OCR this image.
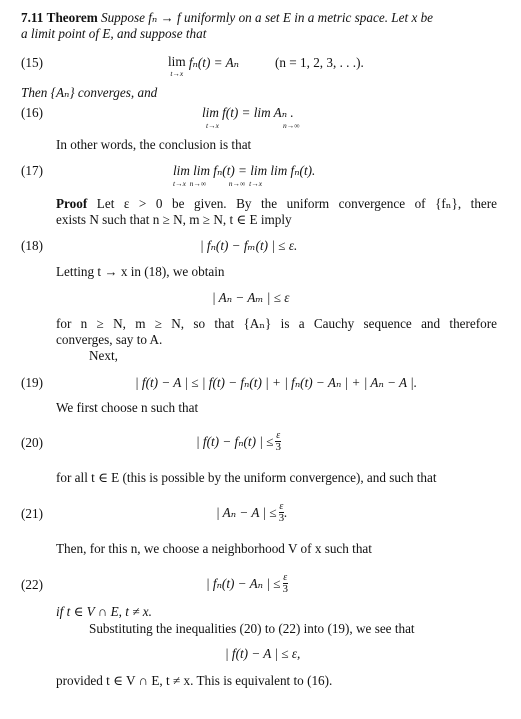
7.11 Theorem Suppose fₙ → f uniformly on a set E in a metric space. Let x be
a limit point of E, and suppose that
(15)	lim
t→x
fₙ(t) = Aₙ	(n = 1, 2, 3, . . .).
Then {Aₙ} converges, and
(16)	lim f(t) = lim Aₙ .
t→x	n→∞
In other words, the conclusion is that
(17)	lim lim fₙ(t) = lim lim fₙ(t).
t→x  n→∞            n→∞  t→x
Proof Let ε > 0 be given. By the uniform convergence of {fₙ}, there
exists N such that n ≥ N, m ≥ N, t ∈ E imply
(18)	| fₙ(t) − fₘ(t) | ≤ ε.
Letting t → x in (18), we obtain
| Aₙ − Aₘ | ≤ ε
for n ≥ N, m ≥ N, so that {Aₙ} is a Cauchy sequence and therefore
converges, say to A.
Next,
(19)	| f(t) − A | ≤ | f(t) − fₙ(t) | + | fₙ(t) − Aₙ | + | Aₙ − A |.
We first choose n such that
(20)	| f(t) − fₙ(t) | ≤ $\frac{\varepsilon}{3}$
for all t ∈ E (this is possible by the uniform convergence), and such that
(21)	| Aₙ − A | ≤ $\frac{\varepsilon}{3}$ .
Then, for this n, we choose a neighborhood V of x such that
(22)	| fₙ(t) − Aₙ | ≤ $\frac{\varepsilon}{3}$
if t ∈ V ∩ E, t ≠ x.
Substituting the inequalities (20) to (22) into (19), we see that
| f(t) − A | ≤ ε,
provided t ∈ V ∩ E, t ≠ x. This is equivalent to (16).
